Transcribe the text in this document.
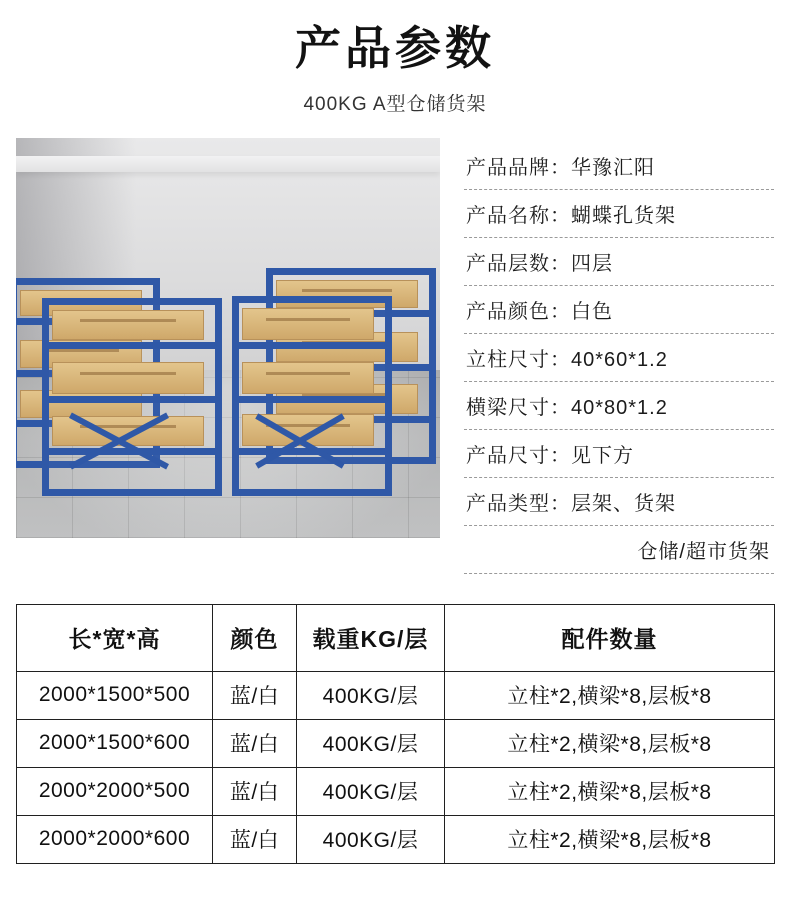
产品参数
400KG A型仓储货架
产品品牌：华豫汇阳
产品名称：蝴蝶孔货架
产品层数：四层
产品颜色：白色
立柱尺寸：40*60*1.2
横梁尺寸：40*80*1.2
产品尺寸：见下方
产品类型：层架、货架
仓储/超市货架
长*宽*高	颜色	载重KG/层	配件数量
2000*1500*500	蓝/白	400KG/层	立柱*2,横梁*8,层板*8
2000*1500*600	蓝/白	400KG/层	立柱*2,横梁*8,层板*8
2000*2000*500	蓝/白	400KG/层	立柱*2,横梁*8,层板*8
2000*2000*600	蓝/白	400KG/层	立柱*2,横梁*8,层板*8
